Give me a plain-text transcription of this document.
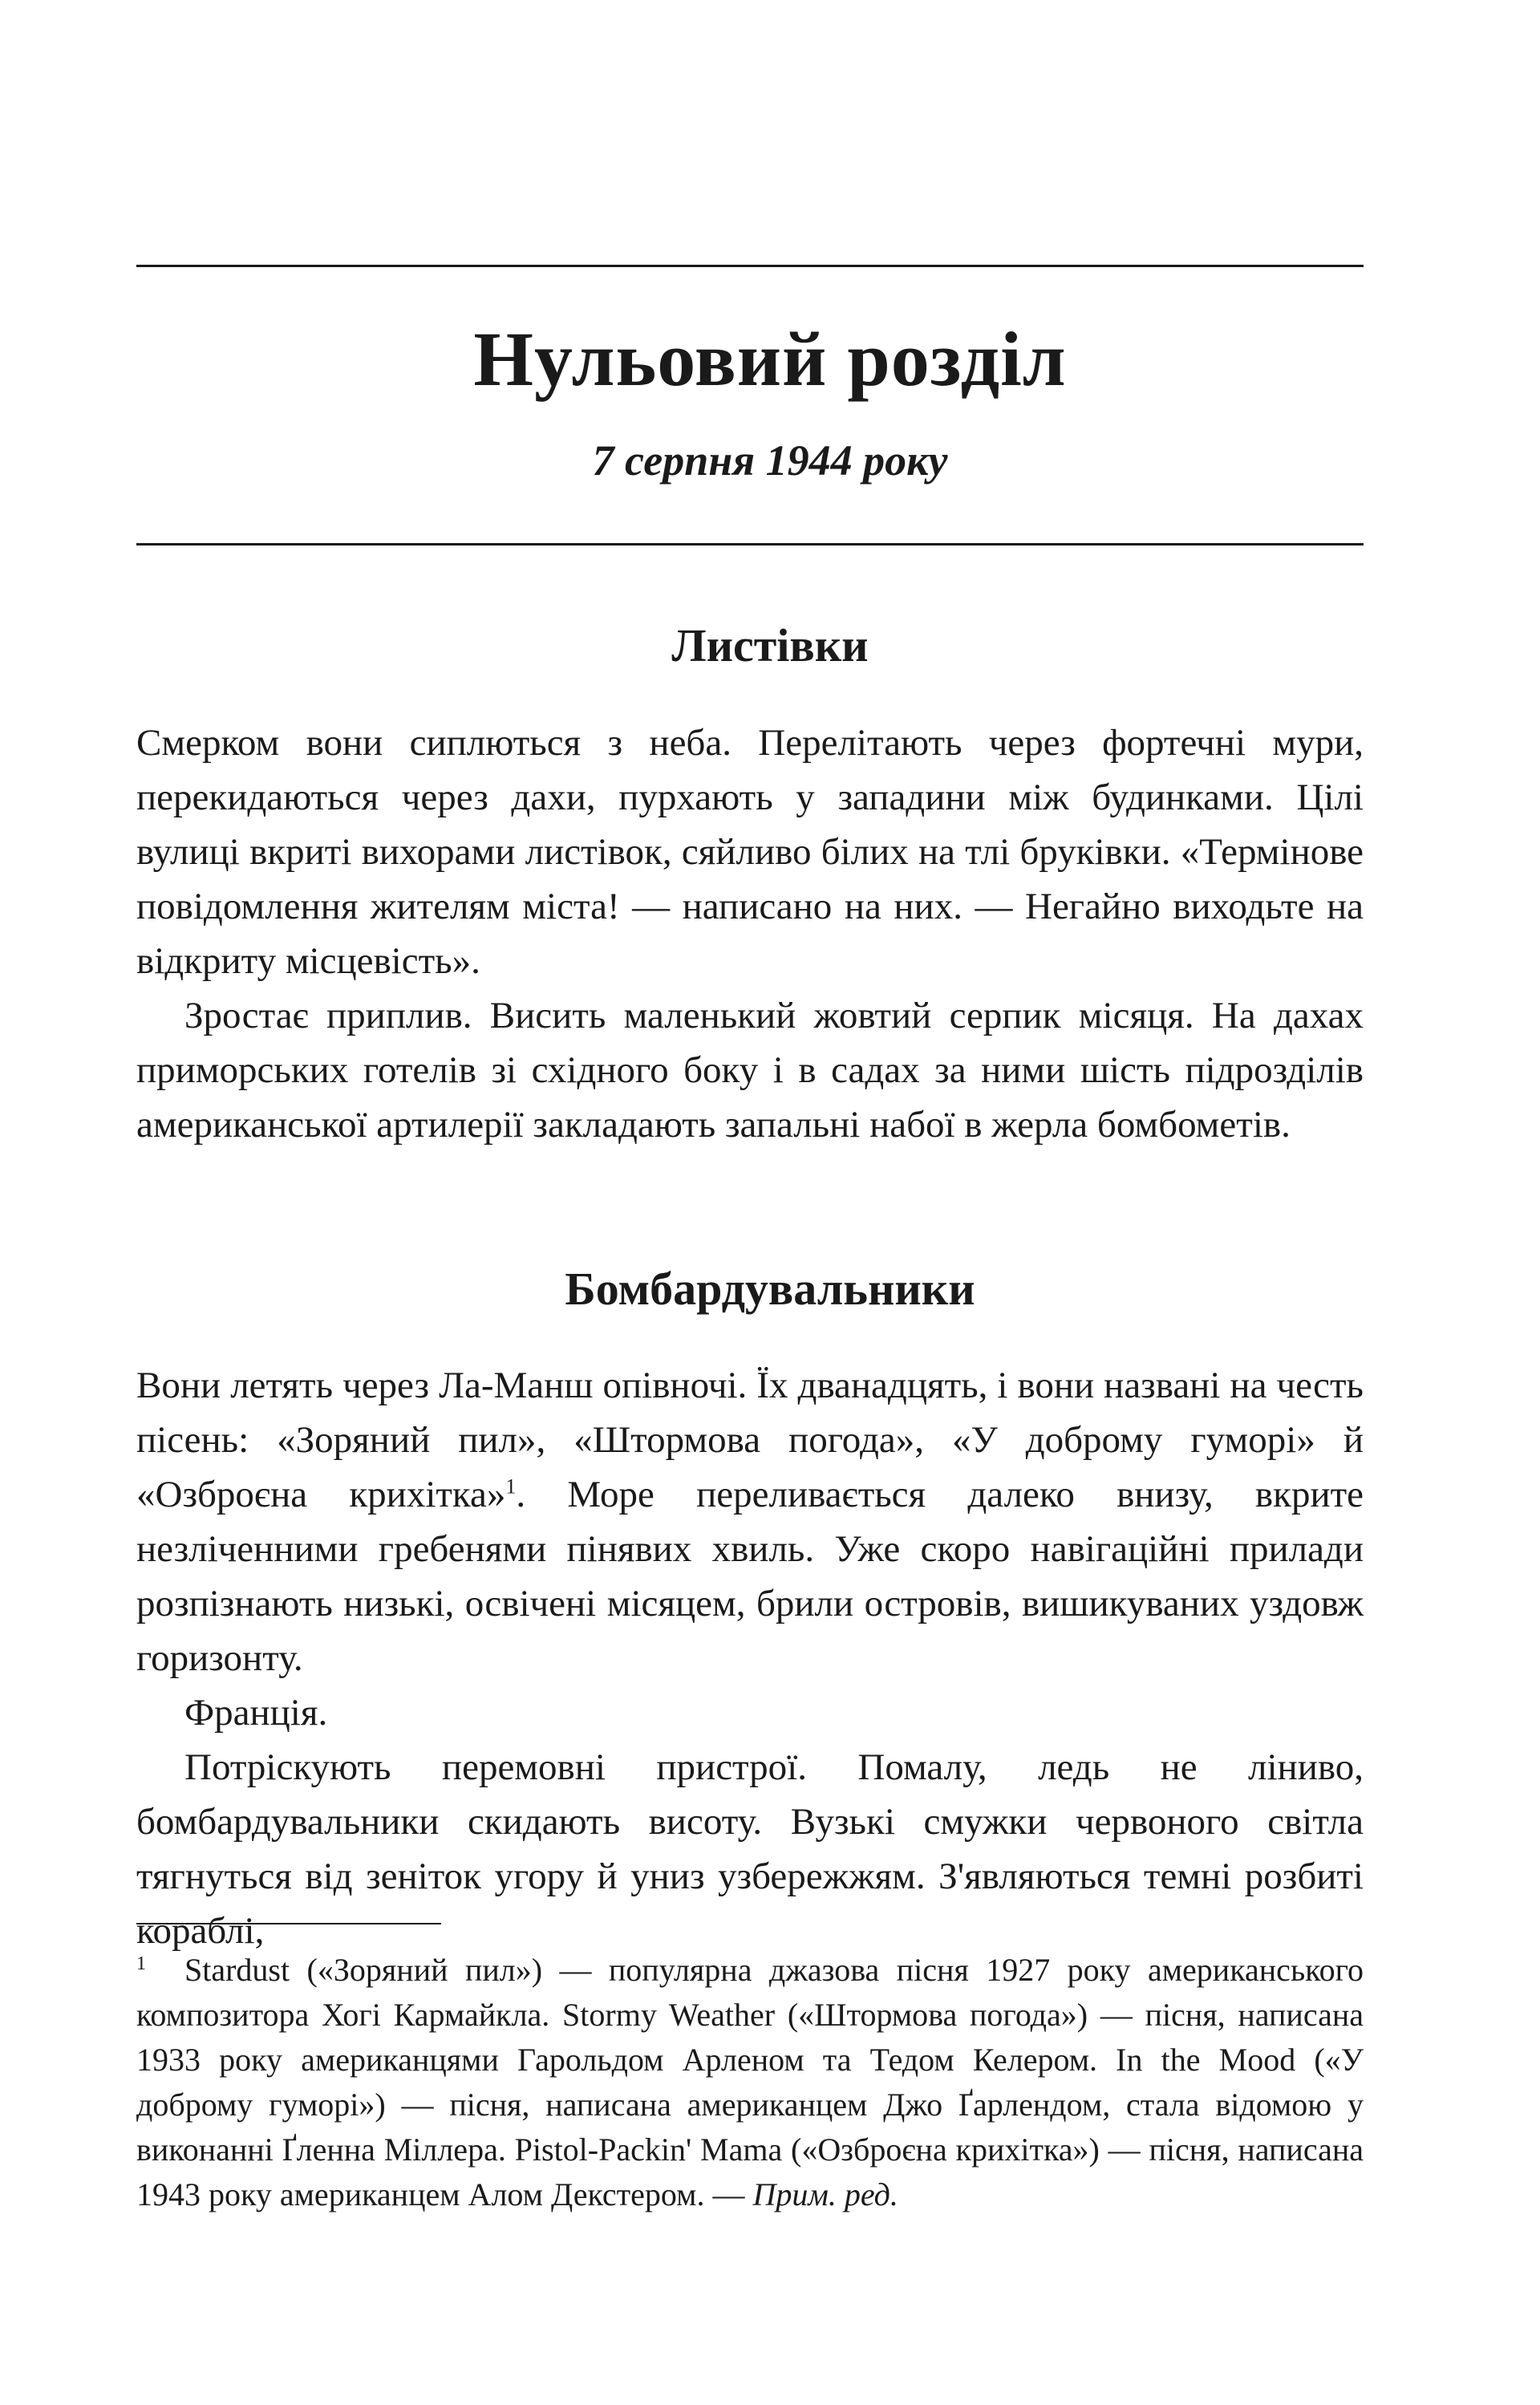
Нульовий розділ

7 серпня 1944 року

Листівки

Смерком вони сиплються з неба. Перелітають через фортечні мури, перекидаються через дахи, пурхають у западини між будинками. Цілі вулиці вкриті вихорами листівок, сяйливо білих на тлі бруківки. «Термінове повідомлення жителям міста! — написано на них. — Негайно виходьте на відкриту місцевість».

Зростає приплив. Висить маленький жовтий серпик місяця. На дахах приморських готелів зі східного боку і в садах за ними шість підрозділів американської артилерії закладають запальні набої в жерла бомбометів.

Бомбардувальники

Вони летять через Ла-Манш опівночі. Їх дванадцять, і вони названі на честь пісень: «Зоряний пил», «Штормова погода», «У доброму гуморі» й «Озброєна крихітка»$^1$. Море переливається далеко внизу, вкрите незліченними гребенями пінявих хвиль. Уже скоро навігаційні прилади розпізнають низькі, освічені місяцем, брили островів, вишикуваних уздовж горизонту.

Франція.

Потріскують перемовні пристрої. Помалу, ледь не ліниво, бомбардувальники скидають висоту. Вузькі смужки червоного світла тягнуться від зеніток угору й униз узбережжям. З'являються темні розбиті кораблі,

1	Stardust («Зоряний пил») — популярна джазова пісня 1927 року американського композитора Хогі Кармайкла. Stormy Weather («Штормова погода») — пісня, написана 1933 року американцями Гарольдом Арленом та Тедом Келером. In the Mood («У доброму гуморі») — пісня, написана американцем Джо Ґарлендом, стала відомою у виконанні Ґленна Міллера. Pistol-Packin' Mama («Озброєна крихітка») — пісня, написана 1943 року американцем Алом Декстером. — Прим. ред.
